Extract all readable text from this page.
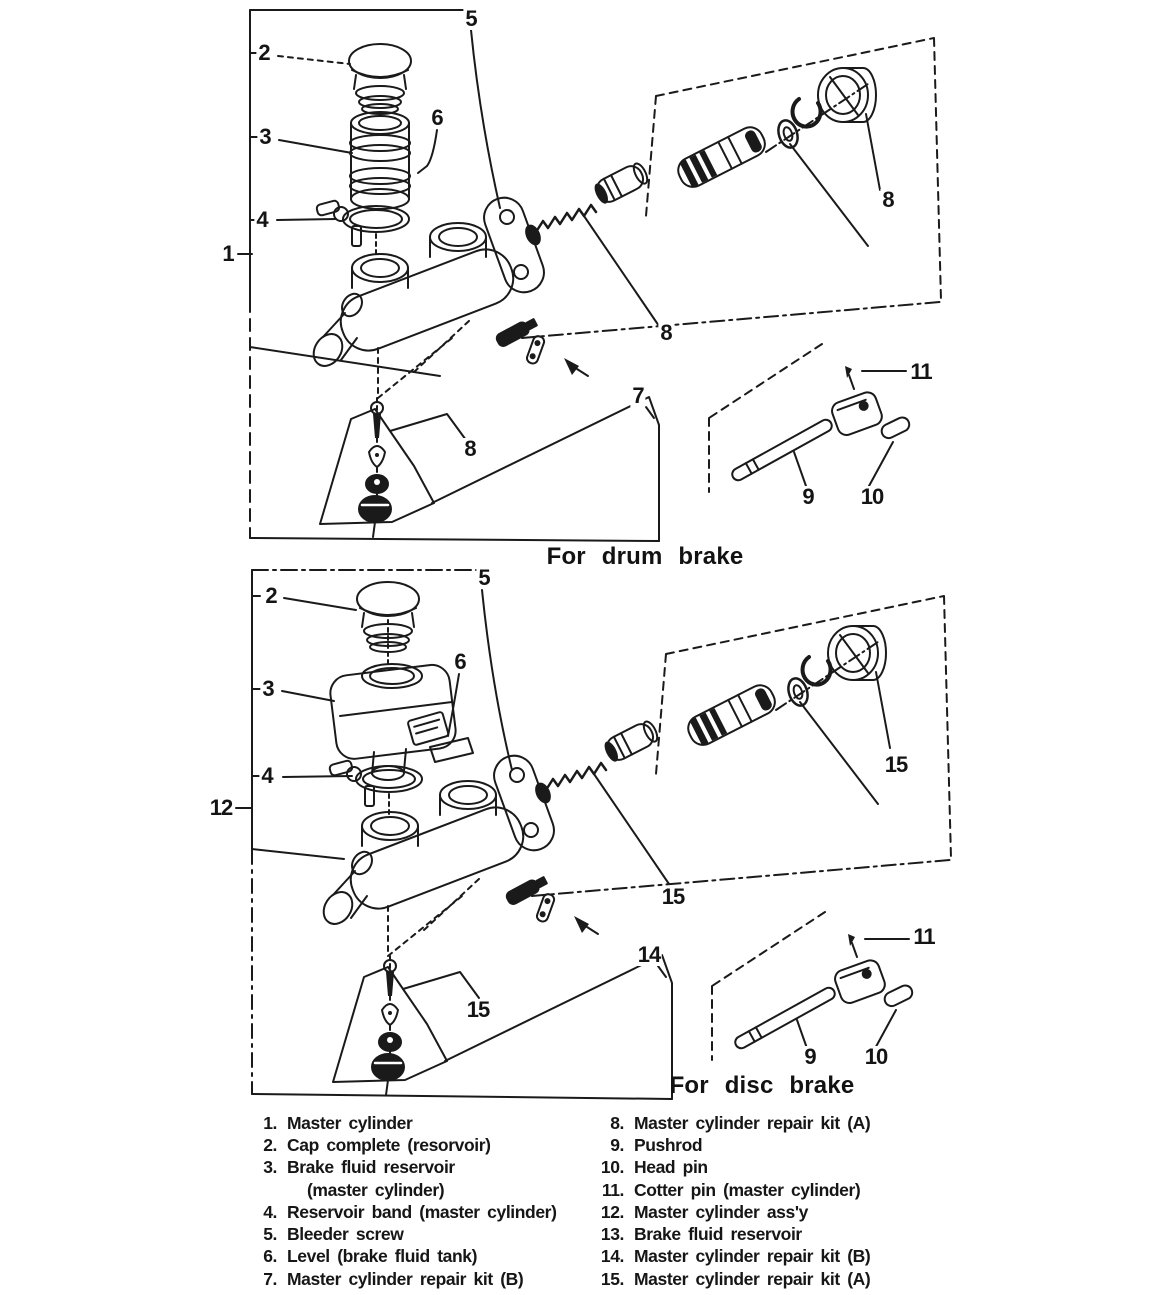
5
2
3
6
4
1
8
8
7
8
11
9 10
5
2
3
6
4
12
15
15
14
15
11
9 10
For drum brake
For disc brake
1. Master cylinder
2. Cap complete (resorvoir)
3. Brake fluid reservoir
(master cylinder)
4. Reservoir band (master cylinder)
5. Bleeder screw
6. Level (brake fluid tank)
7. Master cylinder repair kit (B)
8. Master cylinder repair kit (A)
9. Pushrod
10. Head pin
11. Cotter pin (master cylinder)
12. Master cylinder ass'y
13. Brake fluid reservoir
14. Master cylinder repair kit (B)
15. Master cylinder repair kit (A)
